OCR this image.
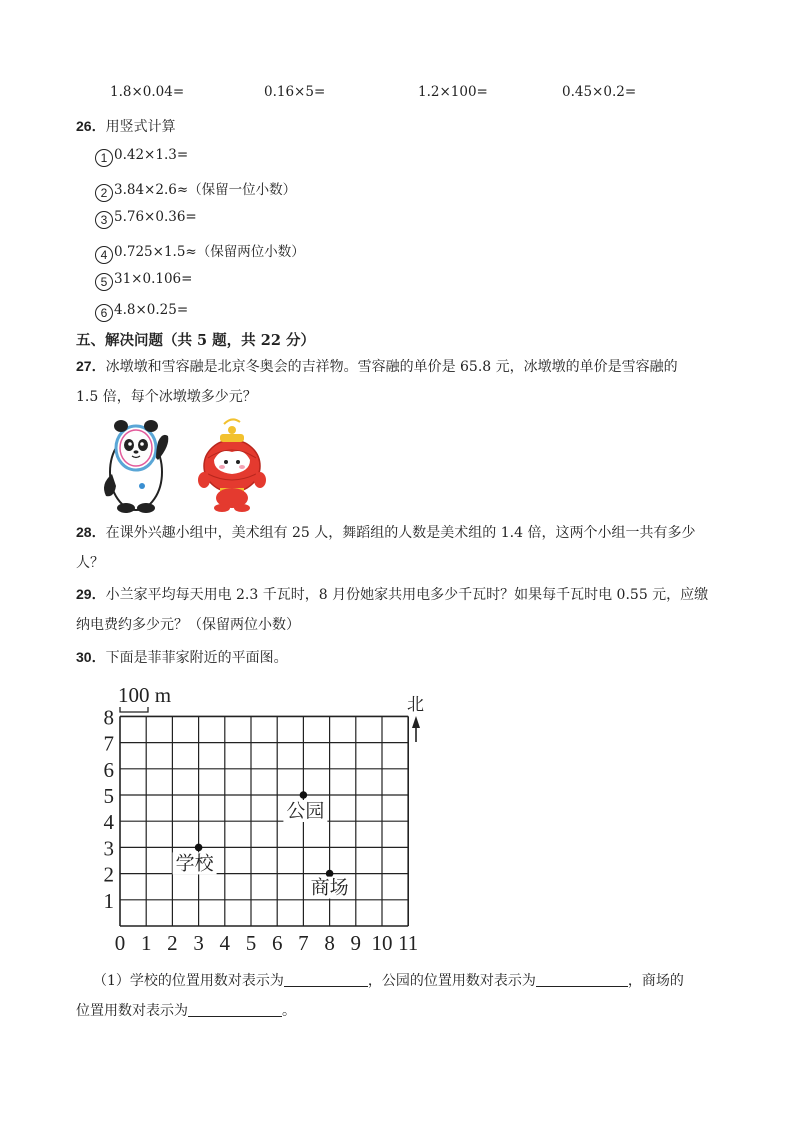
1.8×0.04=	0.16×5=	1.2×100=	0.45×0.2=
26．用竖式计算
1 0.42×1.3=
2 3.84×2.6≈（保留一位小数）
3 5.76×0.36=
4 0.725×1.5≈（保留两位小数）
5 31×0.106=
6 4.8×0.25=
五、解决问题（共 5 题，共 22 分）
27．冰墩墩和雪容融是北京冬奥会的吉祥物。雪容融的单价是 65.8 元，冰墩墩的单价是雪容融的
1.5 倍，每个冰墩墩多少元？
28．在课外兴趣小组中，美术组有 25 人，舞蹈组的人数是美术组的 1.4 倍，这两个小组一共有多少
人？
29．小兰家平均每天用电 2.3 千瓦时，8 月份她家共用电多少千瓦时？如果每千瓦时电 0.55 元，应缴
纳电费约多少元？（保留两位小数）
30．下面是菲菲家附近的平面图。
100 m	北
0 1 2 3 4 5 6 7 8 9 10 11
1
2
3
4
5
6
7
8
学校
公园
商场
（1）学校的位置用数对表示为	，公园的位置用数对表示为	，商场的
位置用数对表示为	。
